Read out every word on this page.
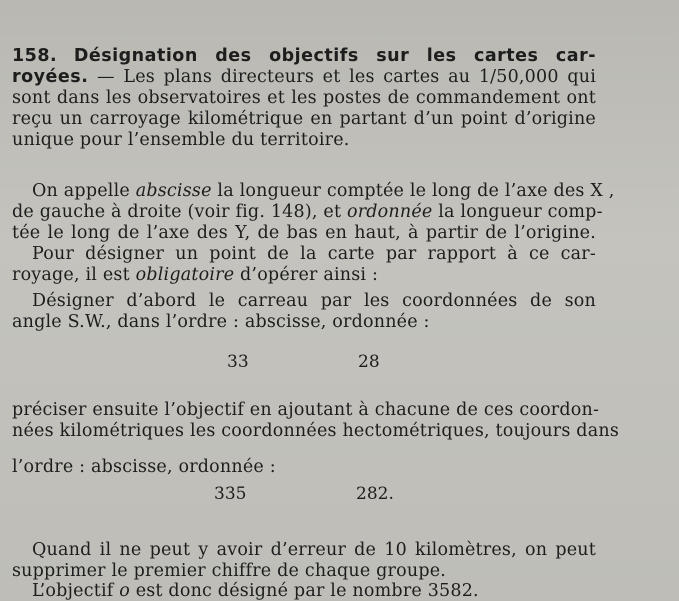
158. Désignation des objectifs sur les cartes car-
royées. — Les plans directeurs et les cartes au 1/50,000 qui
sont dans les observatoires et les postes de commandement ont
reçu un carroyage kilométrique en partant d’un point d’origine
unique pour l’ensemble du territoire.
On appelle abscisse la longueur comptée le long de l’axe des X ,
de gauche à droite (voir fig. 148), et ordonnée la longueur comp-
tée le long de l’axe des Y, de bas en haut, à partir de l’origine.
Pour désigner un point de la carte par rapport à ce car-
royage, il est obligatoire d’opérer ainsi :
Désigner d’abord le carreau par les coordonnées de son
angle S.W., dans l’ordre : abscisse, ordonnée :
33	28
préciser ensuite l’objectif en ajoutant à chacune de ces coordon-
nées kilométriques les coordonnées hectométriques, toujours dans
l’ordre : abscisse, ordonnée :
335	282.
Quand il ne peut y avoir d’erreur de 10 kilomètres, on peut
supprimer le premier chiffre de chaque groupe.
L’objectif o est donc désigné par le nombre 3582.
